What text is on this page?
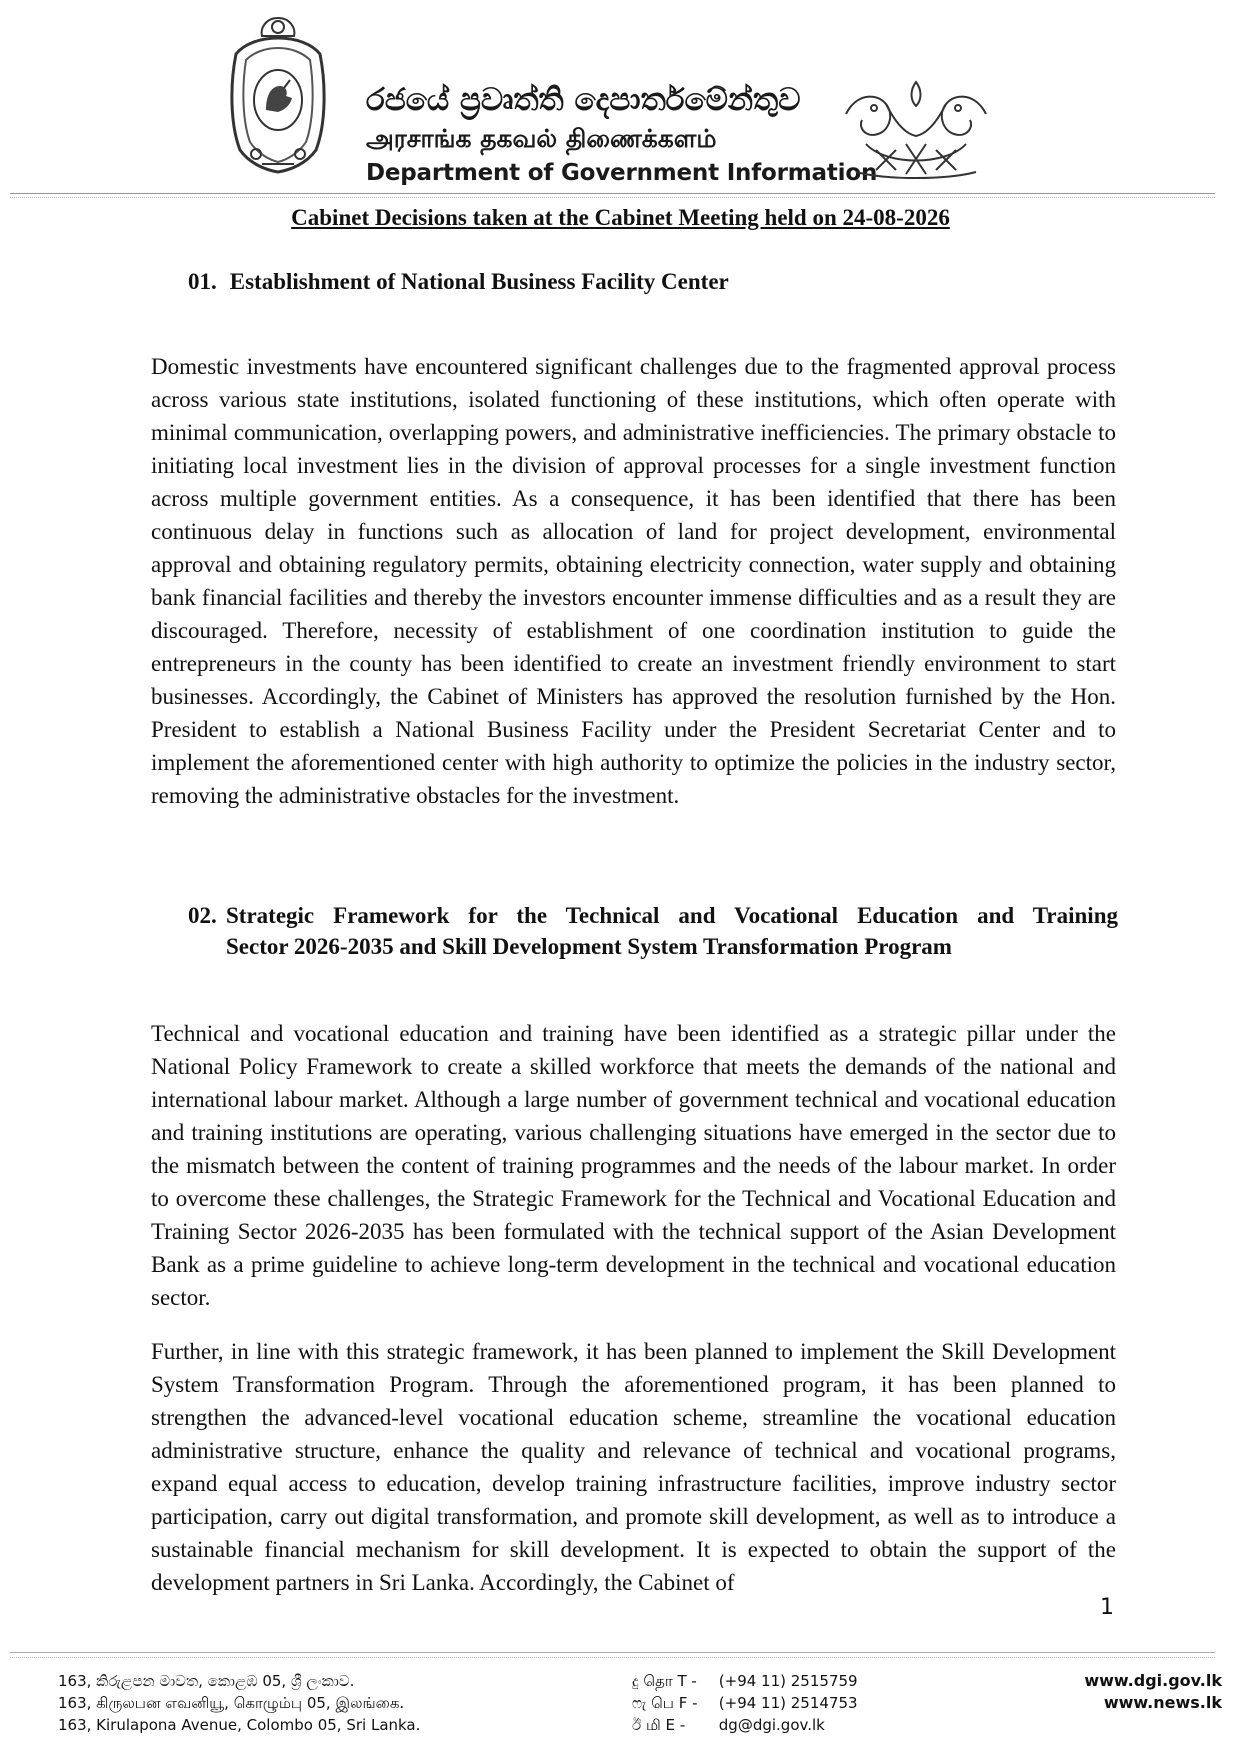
රජයේ ප්‍රවෘත්ති දෙපාර්තමේන්තුව
அரசாங்க தகவல் திணைக்களம்
Department of Government Information
Cabinet Decisions taken at the Cabinet Meeting held on 24-08-2026
01. Establishment of National Business Facility Center

Domestic investments have encountered significant challenges due to the fragmented approval process across various state institutions, isolated functioning of these institutions, which often operate with minimal communication, overlapping powers, and administrative inefficiencies. The primary obstacle to initiating local investment lies in the division of approval processes for a single investment function across multiple government entities. As a consequence, it has been identified that there has been continuous delay in functions such as allocation of land for project development, environmental approval and obtaining regulatory permits, obtaining electricity connection, water supply and obtaining bank financial facilities and thereby the investors encounter immense difficulties and as a result they are discouraged. Therefore, necessity of establishment of one coordination institution to guide the entrepreneurs in the county has been identified to create an investment friendly environment to start businesses. Accordingly, the Cabinet of Ministers has approved the resolution furnished by the Hon. President to establish a National Business Facility under the President Secretariat Center and to implement the aforementioned center with high authority to optimize the policies in the industry sector, removing the administrative obstacles for the investment.

02. Strategic Framework for the Technical and Vocational Education and Training
Sector 2026-2035 and Skill Development System Transformation Program

Technical and vocational education and training have been identified as a strategic pillar under the National Policy Framework to create a skilled workforce that meets the demands of the national and international labour market. Although a large number of government technical and vocational education and training institutions are operating, various challenging situations have emerged in the sector due to the mismatch between the content of training programmes and the needs of the labour market. In order to overcome these challenges, the Strategic Framework for the Technical and Vocational Education and Training Sector 2026-2035 has been formulated with the technical support of the Asian Development Bank as a prime guideline to achieve long-term development in the technical and vocational education sector.

Further, in line with this strategic framework, it has been planned to implement the Skill Development System Transformation Program. Through the aforementioned program, it has been planned to strengthen the advanced-level vocational education scheme, streamline the vocational education administrative structure, enhance the quality and relevance of technical and vocational programs, expand equal access to education, develop training infrastructure facilities, improve industry sector participation, carry out digital transformation, and promote skill development, as well as to introduce a sustainable financial mechanism for skill development. It is expected to obtain the support of the development partners in Sri Lanka. Accordingly, the Cabinet of

1
163, කිරුළපන මාවත, කොළඹ 05, ශ්‍රී ලංකාව.
163, கிருலபன எவனியூ, கொழும்பு 05, இலங்கை.
163, Kirulapona Avenue, Colombo 05, Sri Lanka.
දු தொ T - (+94 11) 2515759
ෆැ பெ F - (+94 11) 2514753
ඊ மி E - dg@dgi.gov.lk
www.dgi.gov.lk
www.news.lk
